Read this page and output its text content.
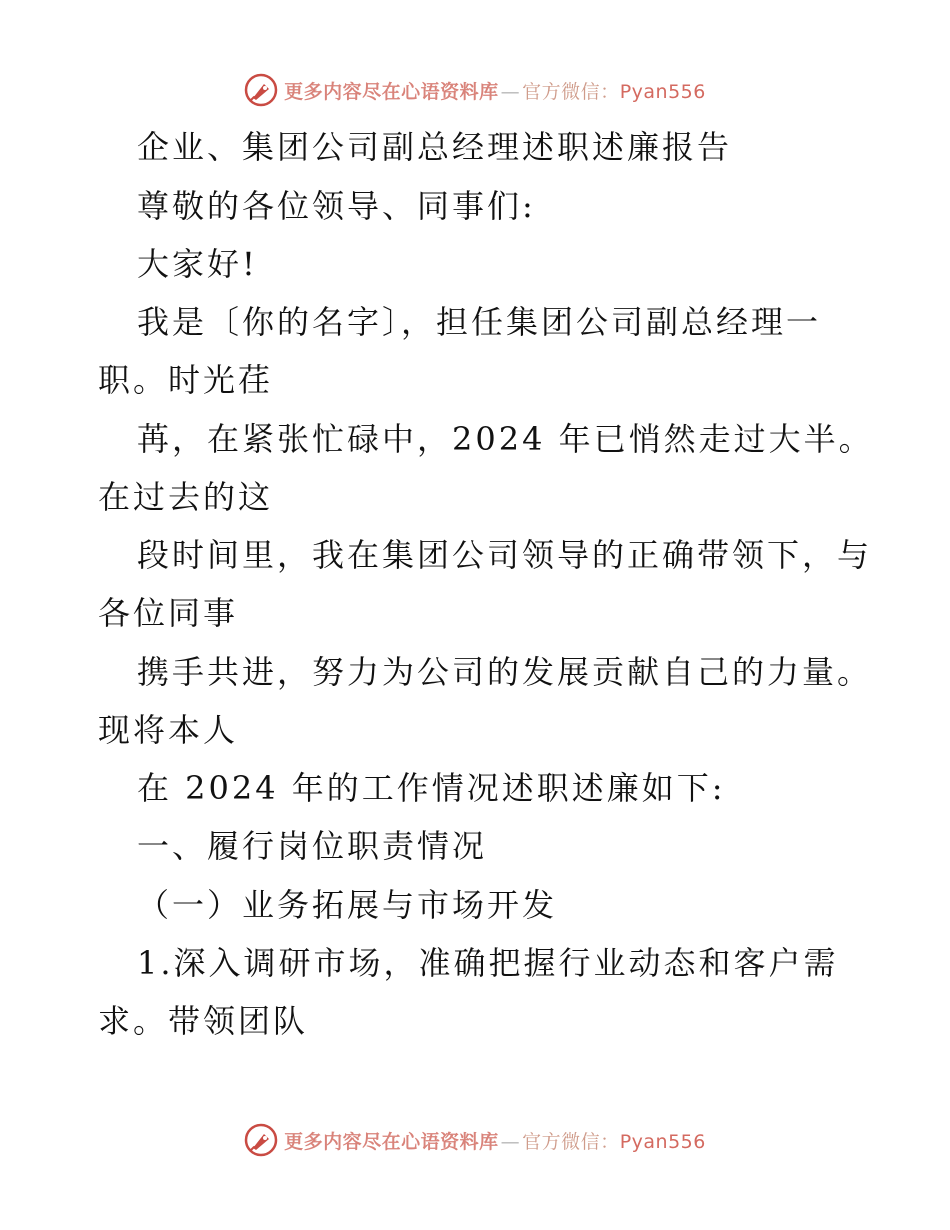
更多内容尽在心语资料库 — 官方微信：Pyan556
企业、集团公司副总经理述职述廉报告
尊敬的各位领导、同事们:
大家好!
我是〔你的名字〕，担任集团公司副总经理一
职。时光荏
苒，在紧张忙碌中，2024 年已悄然走过大半。
在过去的这
段时间里，我在集团公司领导的正确带领下，与
各位同事
携手共进，努力为公司的发展贡献自己的力量。
现将本人
在 2024 年的工作情况述职述廉如下:
一、履行岗位职责情况
（一）业务拓展与市场开发
1.深入调研市场，准确把握行业动态和客户需
求。带领团队
更多内容尽在心语资料库 — 官方微信：Pyan556
